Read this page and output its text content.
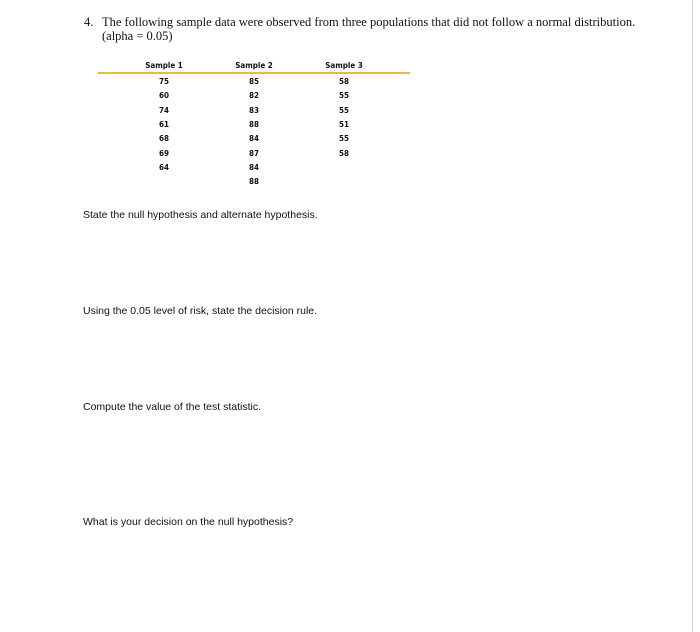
4. The following sample data were observed from three populations that did not follow a normal distribution. (alpha = 0.05)
Sample 1	Sample 2	Sample 3
75
60
74
61
68
69
64
85
82
83
88
84
87
84
88
58
55
55
51
55
58
State the null hypothesis and alternate hypothesis.
Using the 0.05 level of risk, state the decision rule.
Compute the value of the test statistic.
What is your decision on the null hypothesis?
